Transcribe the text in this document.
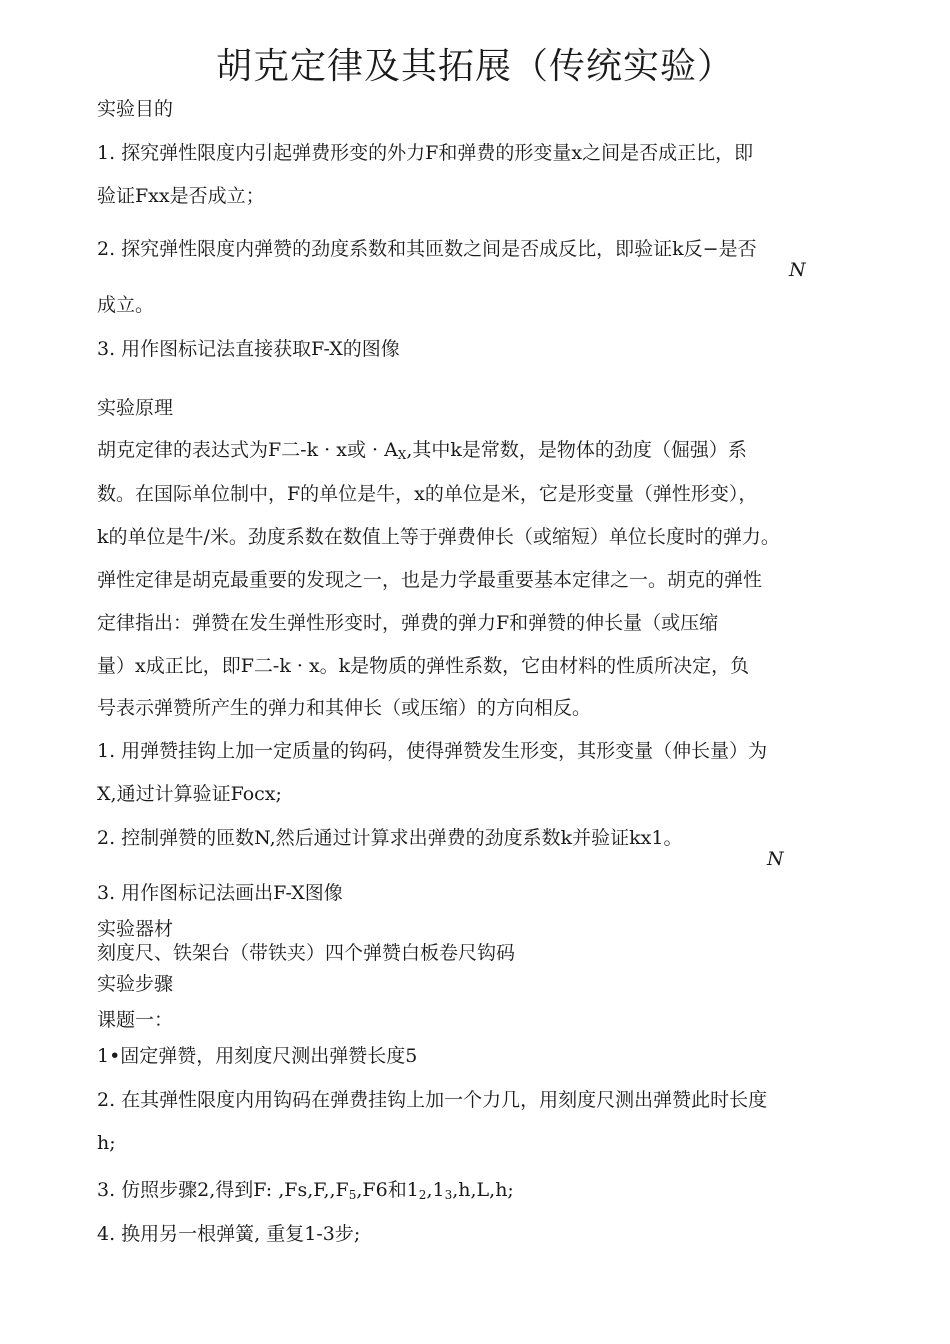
胡克定律及其拓展（传统实验）
实验目的

1. 探究弹性限度内引起弹费形变的外力F和弹费的形变量x之间是否成正比，即

验证Fxx是否成立；

2. 探究弹性限度内弹赞的劲度系数和其匝数之间是否成反比，即验证k反−是否

N

成立。

3. 用作图标记法直接获取F-X的图像

实验原理

胡克定律的表达式为F二-k · x或 · $A_X$,其中k是常数，是物体的劲度（倔强）系

数。在国际单位制中，F的单位是牛，x的单位是米，它是形变量（弹性形变），

k的单位是牛/米。劲度系数在数值上等于弹费伸长（或缩短）单位长度时的弹力。

弹性定律是胡克最重要的发现之一，也是力学最重要基本定律之一。胡克的弹性

定律指出：弹赞在发生弹性形变时，弹费的弹力F和弹赞的伸长量（或压缩

量）x成正比，即F二-k · x。k是物质的弹性系数，它由材料的性质所决定，负

号表示弹赞所产生的弹力和其伸长（或压缩）的方向相反。

1. 用弹赞挂钩上加一定质量的钩码，使得弹赞发生形变，其形变量（伸长量）为

X,通过计算验证Focx;

2. 控制弹赞的匝数N,然后通过计算求出弹费的劲度系数k并验证kx1。

N

3. 用作图标记法画出F-X图像

实验器材

刻度尺、铁架台（带铁夹）四个弹赞白板卷尺钩码

实验步骤
课题一：

1•固定弹赞，用刻度尺测出弹赞长度5

2. 在其弹性限度内用钩码在弹费挂钩上加一个力几，用刻度尺测出弹赞此时长度

h;

3. 仿照步骤2,得到F: $,Fs,F,,F_5,F6$和$1_2,1_3,h,L,h$;

4. 换用另一根弹簧, 重复1-3步;
